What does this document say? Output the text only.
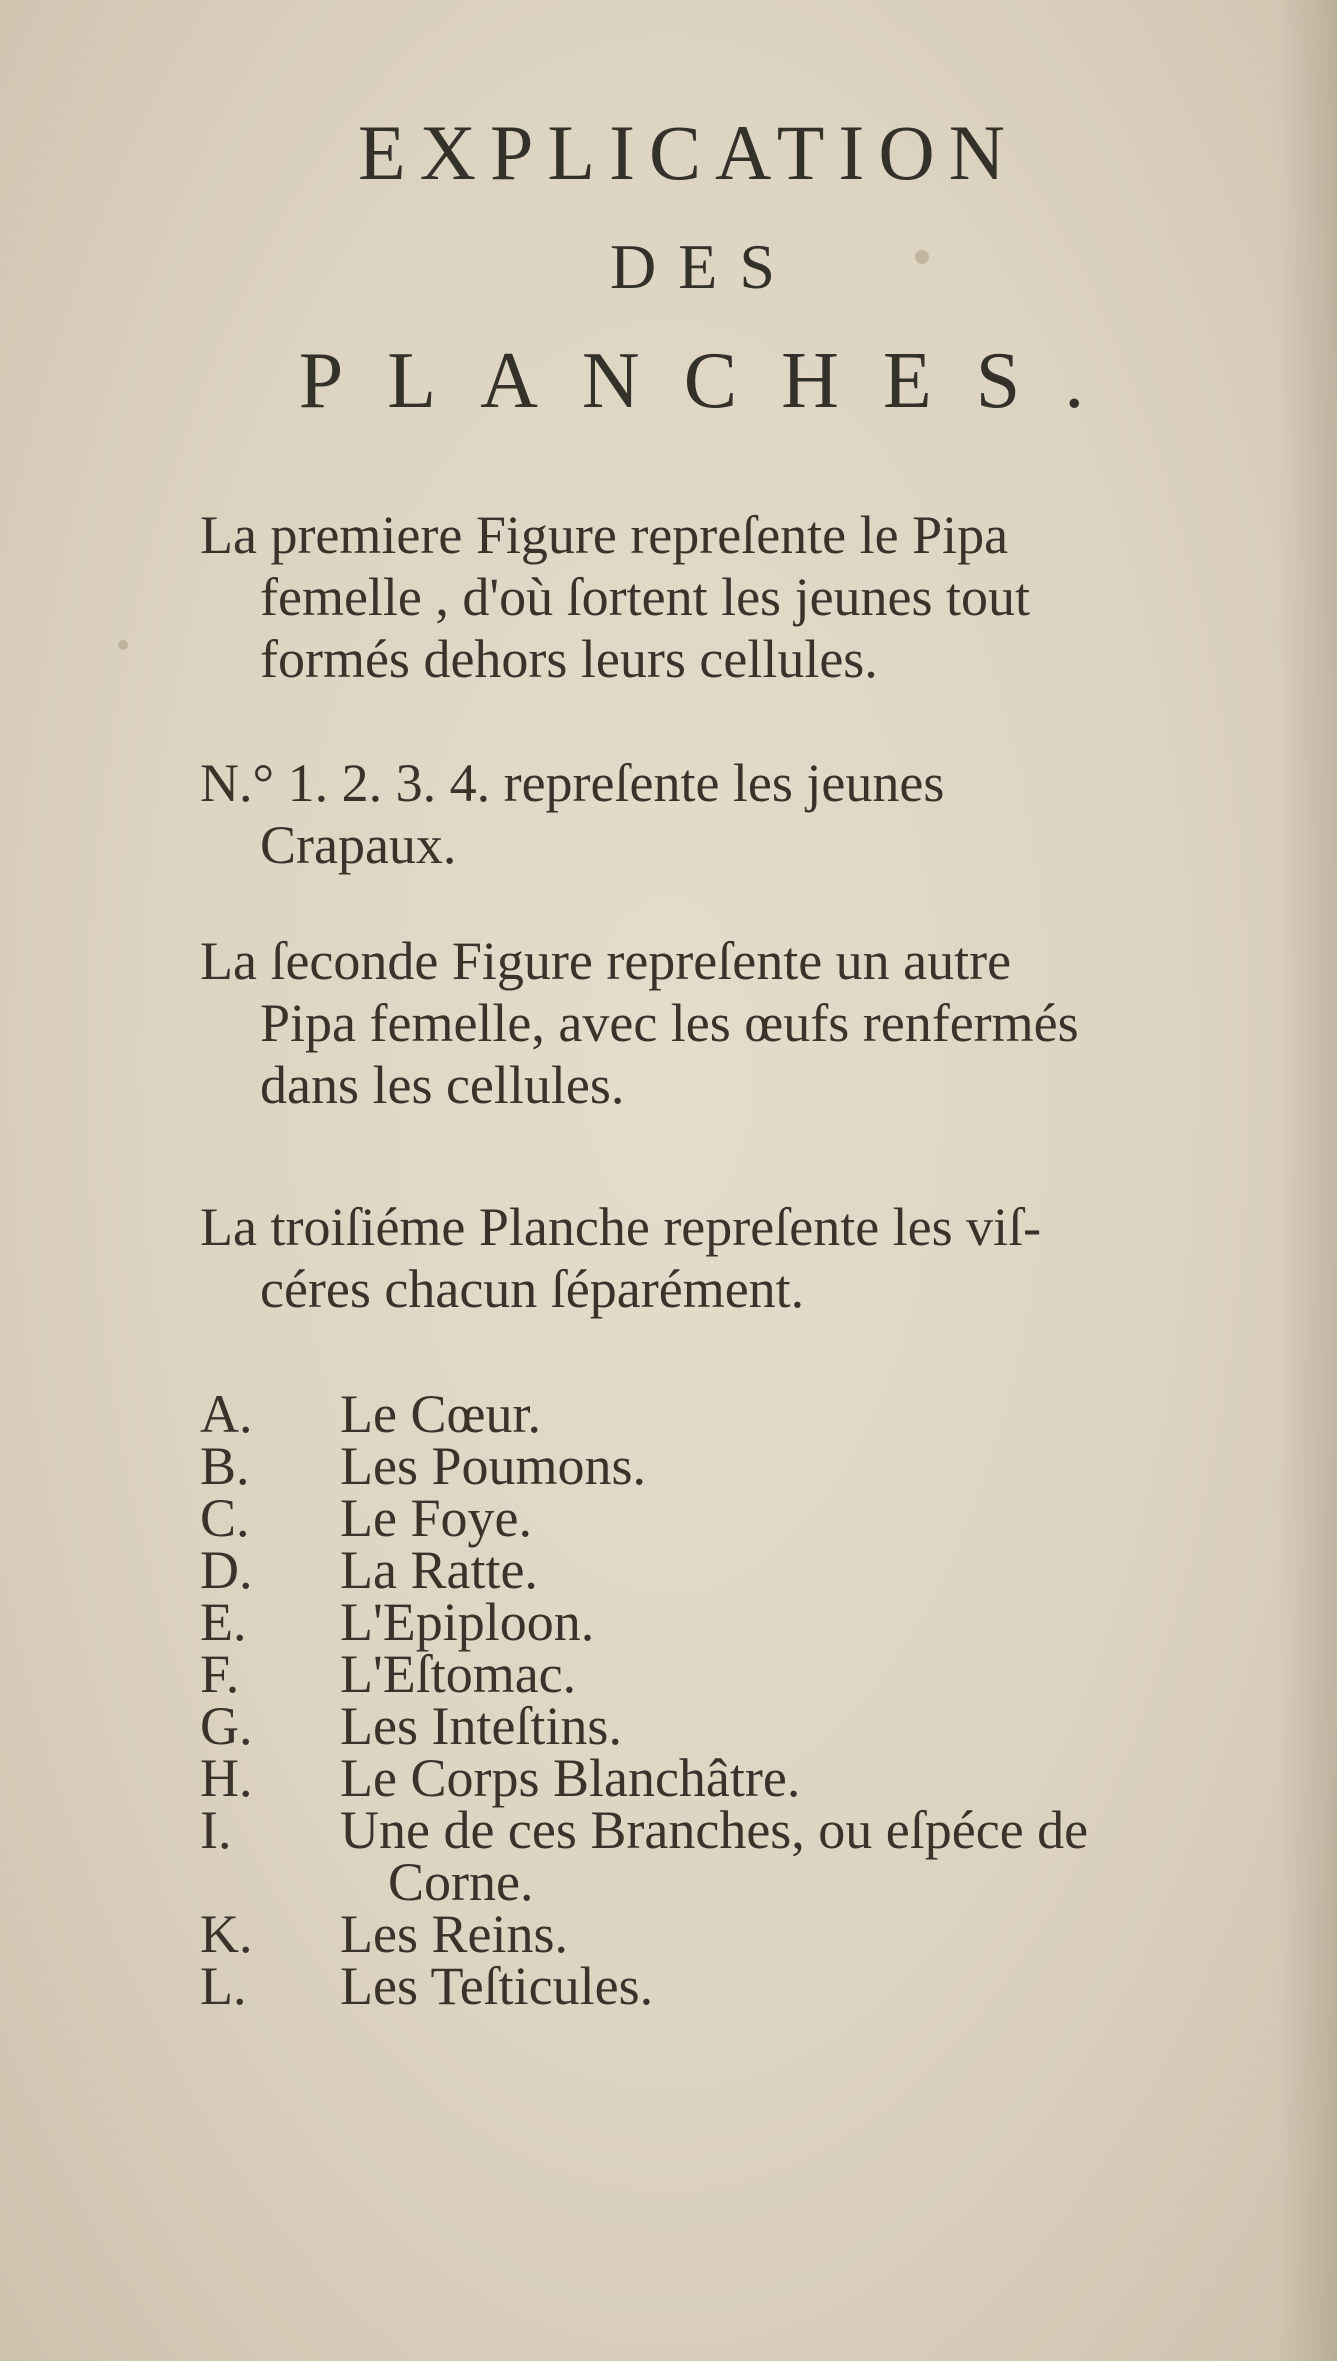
EXPLICATION
DES
PLANCHES.
La premiere Figure repreſente le Pipa
femelle , d'où ſortent les jeunes tout
formés dehors leurs cellules.
N.° 1. 2. 3. 4. repreſente les jeunes
Crapaux.
La ſeconde Figure repreſente un autre
Pipa femelle, avec les œufs renfermés
dans les cellules.
La troiſiéme Planche repreſente les viſ-
céres chacun ſéparément.
A.	Le Cœur.
B.	Les Poumons.
C.	Le Foye.
D.	La Ratte.
E.	L'Epiploon.
F.	L'Eſtomac.
G.	Les Inteſtins.
H.	Le Corps Blanchâtre.
I.	Une de ces Branches, ou eſpéce de
Corne.
K.	Les Reins.
L.	Les Teſticules.
